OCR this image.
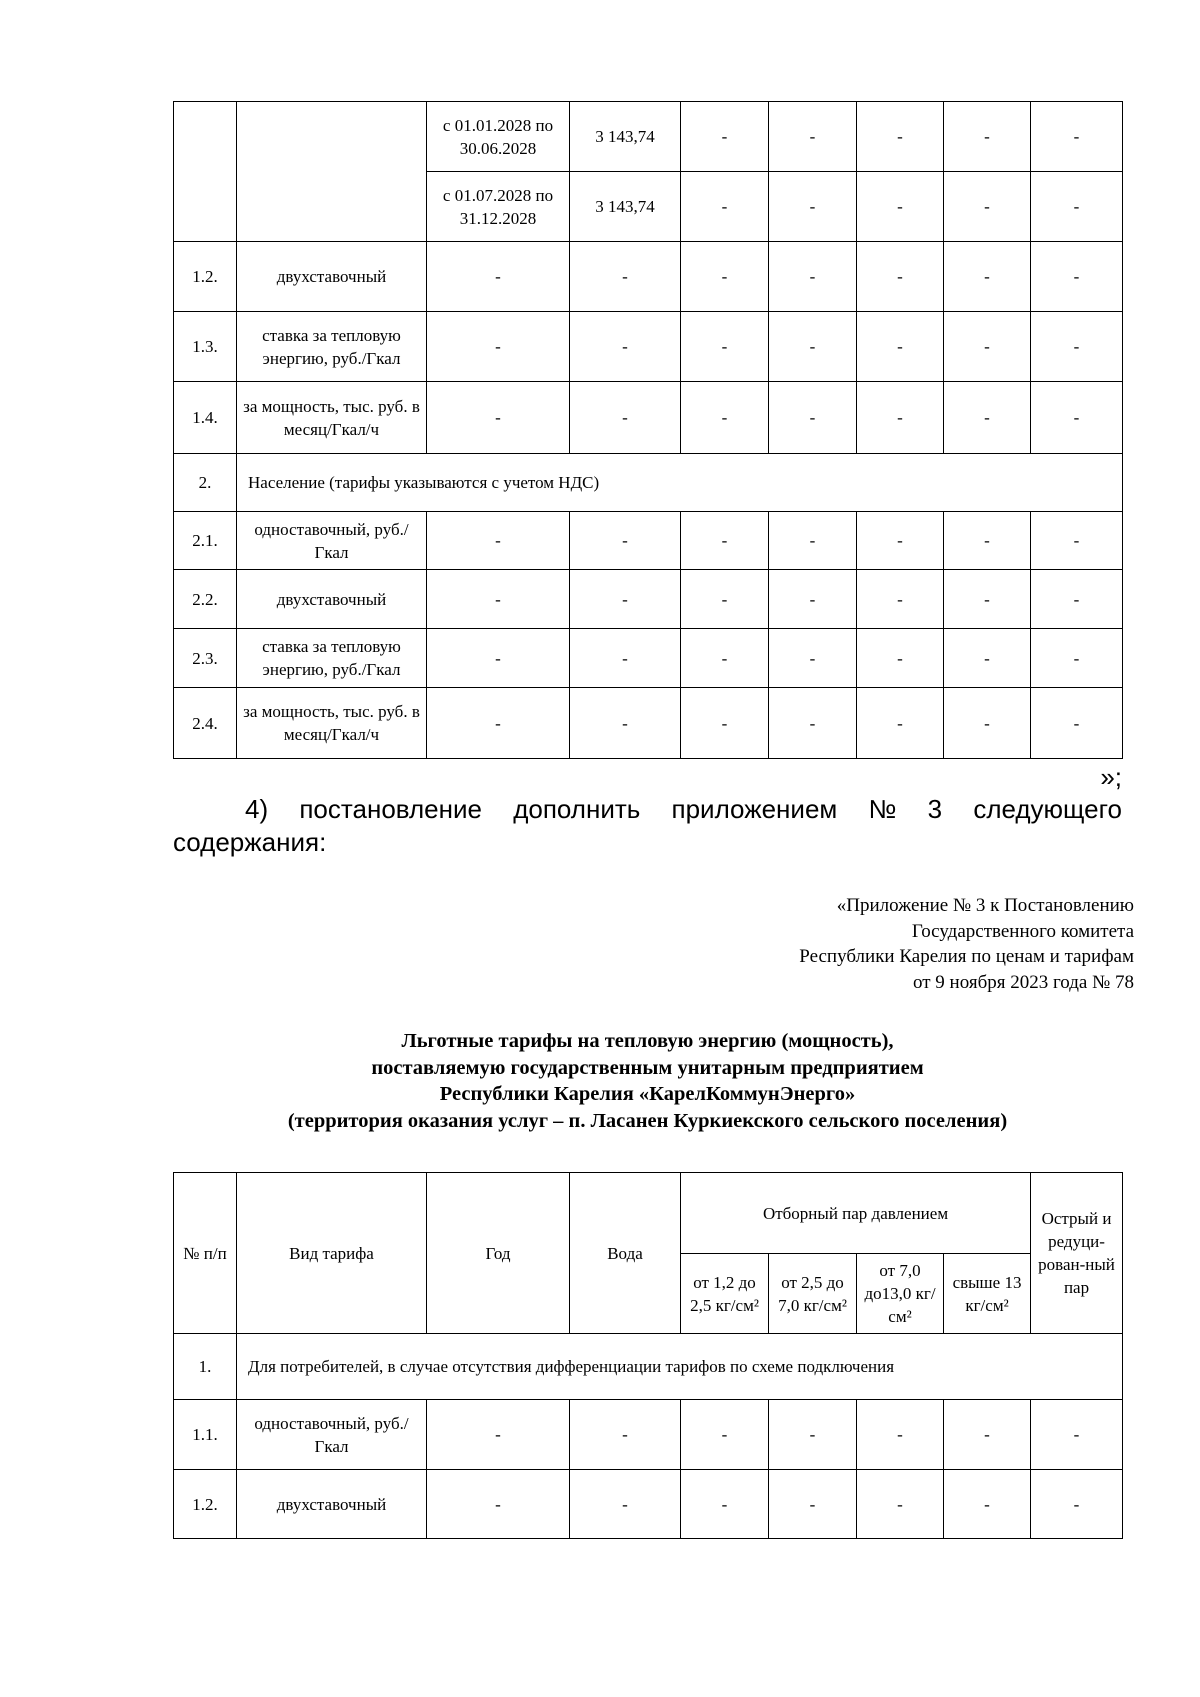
		с 01.01.2028 по 30.06.2028	3 143,74	-	-	-	-	-
		с 01.07.2028 по 31.12.2028	3 143,74	-	-	-	-	-
1.2.	двухставочный	-	-	-	-	-	-	-
1.3.	ставка за тепловую энергию, руб./Гкал	-	-	-	-	-	-	-
1.4.	за мощность, тыс. руб. в месяц/Гкал/ч	-	-	-	-	-	-	-
2.	Население (тарифы указываются с учетом НДС)							
2.1.	одноставочный, руб./Гкал	-	-	-	-	-	-	-
2.2.	двухставочный	-	-	-	-	-	-	-
2.3.	ставка за тепловую энергию, руб./Гкал	-	-	-	-	-	-	-
2.4.	за мощность, тыс. руб. в месяц/Гкал/ч	-	-	-	-	-	-	-
»;
4) постановление дополнить приложением № 3 следующего
содержания:
«Приложение № 3 к Постановлению
Государственного комитета
Республики Карелия по ценам и тарифам
от 9 ноября 2023 года № 78
Льготные тарифы на тепловую энергию (мощность),
поставляемую государственным унитарным предприятием
Республики Карелия «КарелКоммунЭнерго»
(территория оказания услуг – п. Ласанен Куркиекского сельского поселения)
№ п/п	Вид тарифа	Год	Вода	Отборный пар давлением				Острый и редуци-рован-ный пар
				от 1,2 до 2,5 кг/см²	от 2,5 до 7,0 кг/см²	от 7,0 до13,0 кг/см²	свыше 13 кг/см²	
1.	Для потребителей, в случае отсутствия дифференциации тарифов по схеме подключения							
1.1.	одноставочный, руб./Гкал	-	-	-	-	-	-	-
1.2.	двухставочный	-	-	-	-	-	-	-
